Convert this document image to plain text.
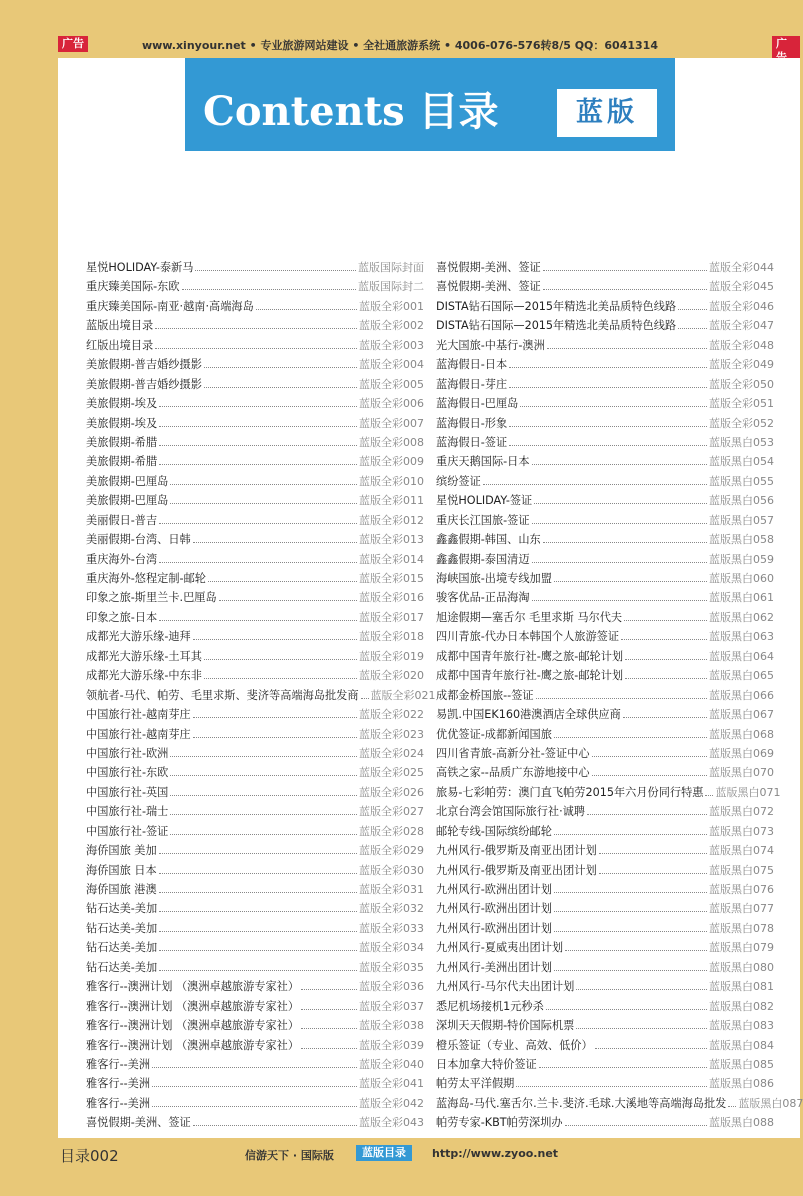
广告	www.xinyour.net • 专业旅游网站建设 • 全社通旅游系统 • 4006-076-576转8/5 QQ：6041314	广
Contents 目录	蓝版
星悦HOLIDAY-泰新马	蓝版国际封面
重庆臻美国际-东欧	蓝版国际封二
重庆臻美国际-南亚·越南·高端海岛	蓝版全彩001
蓝版出境目录	蓝版全彩002
红版出境目录	蓝版全彩003
美旅假期-普吉婚纱摄影	蓝版全彩004
美旅假期-普吉婚纱摄影	蓝版全彩005
美旅假期-埃及	蓝版全彩006
美旅假期-埃及	蓝版全彩007
美旅假期-希腊	蓝版全彩008
美旅假期-希腊	蓝版全彩009
美旅假期-巴厘岛	蓝版全彩010
美旅假期-巴厘岛	蓝版全彩011
美丽假日-普吉	蓝版全彩012
美丽假期-台湾、日韩	蓝版全彩013
重庆海外-台湾	蓝版全彩014
重庆海外-悠程定制-邮轮	蓝版全彩015
印象之旅-斯里兰卡.巴厘岛	蓝版全彩016
印象之旅-日本	蓝版全彩017
成都光大游乐缘-迪拜	蓝版全彩018
成都光大游乐缘-土耳其	蓝版全彩019
成都光大游乐缘-中东非	蓝版全彩020
领航者-马代、帕劳、毛里求斯、斐济等高端海岛批发商 蓝版全彩021
中国旅行社-越南芽庄	蓝版全彩022
中国旅行社-越南芽庄	蓝版全彩023
中国旅行社-欧洲	蓝版全彩024
中国旅行社-东欧	蓝版全彩025
中国旅行社-英国	蓝版全彩026
中国旅行社-瑞士	蓝版全彩027
中国旅行社-签证	蓝版全彩028
海侨国旅 美加	蓝版全彩029
海侨国旅 日本	蓝版全彩030
海侨国旅 港澳	蓝版全彩031
钻石达美-美加	蓝版全彩032
钻石达美-美加	蓝版全彩033
钻石达美-美加	蓝版全彩034
钻石达美-美加	蓝版全彩035
雅客行--澳洲计划 （澳洲卓越旅游专家社）	蓝版全彩036
雅客行--澳洲计划 （澳洲卓越旅游专家社）	蓝版全彩037
雅客行--澳洲计划 （澳洲卓越旅游专家社）	蓝版全彩038
雅客行--澳洲计划 （澳洲卓越旅游专家社）	蓝版全彩039
雅客行--美洲	蓝版全彩040
雅客行--美洲	蓝版全彩041
雅客行--美洲	蓝版全彩042
喜悦假期-美洲、签证	蓝版全彩043
喜悦假期-美洲、签证	蓝版全彩044
喜悦假期-美洲、签证	蓝版全彩045
DISTA钻石国际—2015年精选北美品质特色线路	蓝版全彩046
DISTA钻石国际—2015年精选北美品质特色线路	蓝版全彩047
光大国旅-中基行-澳洲	蓝版全彩048
蓝海假日-日本	蓝版全彩049
蓝海假日-芽庄	蓝版全彩050
蓝海假日-巴厘岛	蓝版全彩051
蓝海假日-形象	蓝版全彩052
蓝海假日-签证	蓝版黑白053
重庆天鹅国际-日本	蓝版黑白054
缤纷签证	蓝版黑白055
星悦HOLIDAY-签证	蓝版黑白056
重庆长江国旅-签证	蓝版黑白057
鑫鑫假期-韩国、山东	蓝版黑白058
鑫鑫假期-泰国清迈	蓝版黑白059
海峡国旅-出境专线加盟	蓝版黑白060
骏客优品-正品海淘	蓝版黑白061
旭途假期—塞舌尔 毛里求斯 马尔代夫	蓝版黑白062
四川青旅-代办日本韩国个人旅游签证	蓝版黑白063
成都中国青年旅行社-鹰之旅-邮轮计划	蓝版黑白064
成都中国青年旅行社-鹰之旅-邮轮计划	蓝版黑白065
成都金桥国旅--签证	蓝版黑白066
易凯.中国EK160港澳酒店全球供应商	蓝版黑白067
优优签证-成都新闻国旅	蓝版黑白068
四川省青旅-高新分社-签证中心	蓝版黑白069
高铁之家--品质广东游地接中心	蓝版黑白070
旅易-七彩帕劳：澳门直飞帕劳2015年六月份同行特惠 蓝版黑白071
北京台湾会馆国际旅行社·诚聘	蓝版黑白072
邮轮专线-国际缤纷邮轮	蓝版黑白073
九州风行-俄罗斯及南亚出团计划	蓝版黑白074
九州风行-俄罗斯及南亚出团计划	蓝版黑白075
九州风行-欧洲出团计划	蓝版黑白076
九州风行-欧洲出团计划	蓝版黑白077
九州风行-欧洲出团计划	蓝版黑白078
九州风行-夏威夷出团计划	蓝版黑白079
九州风行-美洲出团计划	蓝版黑白080
九州风行-马尔代夫出团计划	蓝版黑白081
悉尼机场接机1元秒杀	蓝版黑白082
深圳天天假期-特价国际机票	蓝版黑白083
橙乐签证（专业、高效、低价）	蓝版黑白084
日本加拿大特价签证	蓝版黑白085
帕劳太平洋假期	蓝版黑白086
蓝海岛-马代.塞舌尔.兰卡.斐济.毛球.大溪地等高端海岛批发 蓝版黑白087
帕劳专家-KBT帕劳深圳办	蓝版黑白088
目录002	信游天下 · 国际版	蓝版目录	http://www.zyoo.net
